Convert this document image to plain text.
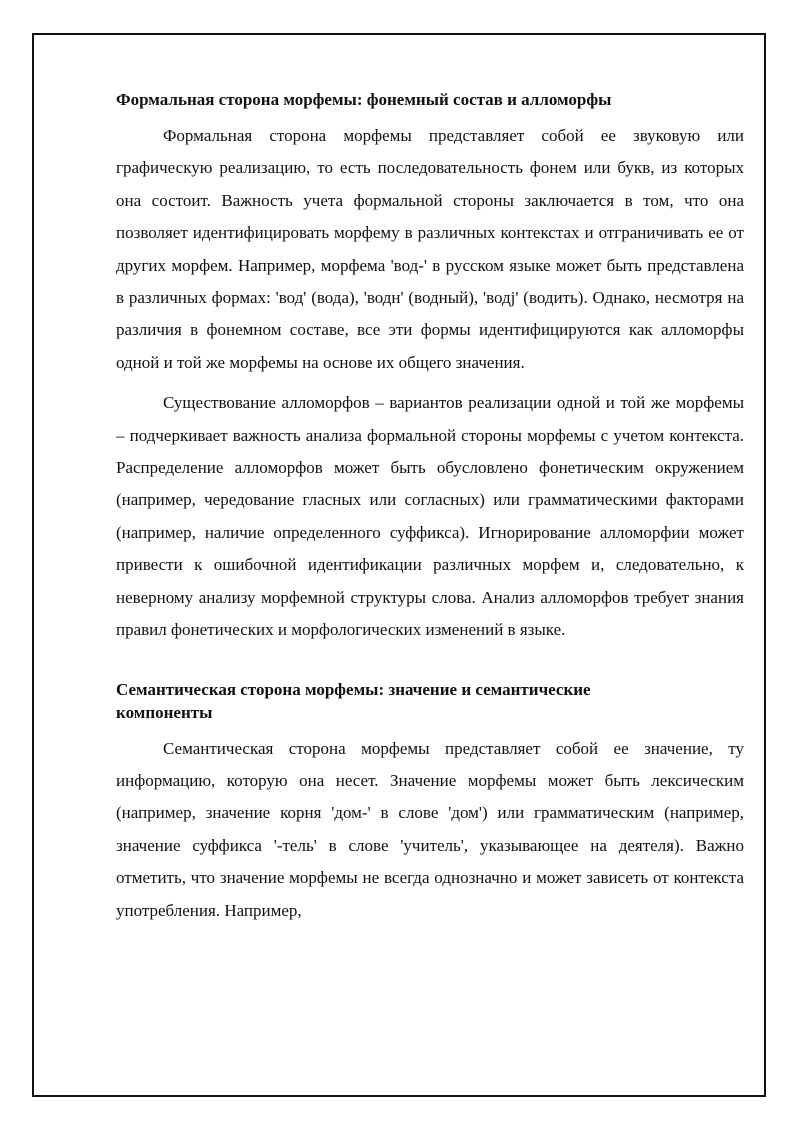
Формальная сторона морфемы: фонемный состав и алломорфы

Формальная сторона морфемы представляет собой ее звуковую или графическую реализацию, то есть последовательность фонем или букв, из которых она состоит. Важность учета формальной стороны заключается в том, что она позволяет идентифицировать морфему в различных контекстах и отграничивать ее от других морфем. Например, морфема 'вод-' в русском языке может быть представлена в различных формах: 'вод' (вода), 'водн' (водный), 'водj' (водить). Однако, несмотря на различия в фонемном составе, все эти формы идентифицируются как алломорфы одной и той же морфемы на основе их общего значения.

Существование алломорфов – вариантов реализации одной и той же морфемы – подчеркивает важность анализа формальной стороны морфемы с учетом контекста. Распределение алломорфов может быть обусловлено фонетическим окружением (например, чередование гласных или согласных) или грамматическими факторами (например, наличие определенного суффикса). Игнорирование алломорфии может привести к ошибочной идентификации различных морфем и, следовательно, к неверному анализу морфемной структуры слова. Анализ алломорфов требует знания правил фонетических и морфологических изменений в языке.

Семантическая сторона морфемы: значение и семантические компоненты

Семантическая сторона морфемы представляет собой ее значение, ту информацию, которую она несет. Значение морфемы может быть лексическим (например, значение корня 'дом-' в слове 'дом') или грамматическим (например, значение суффикса '-тель' в слове 'учитель', указывающее на деятеля). Важно отметить, что значение морфемы не всегда однозначно и может зависеть от контекста употребления. Например,
